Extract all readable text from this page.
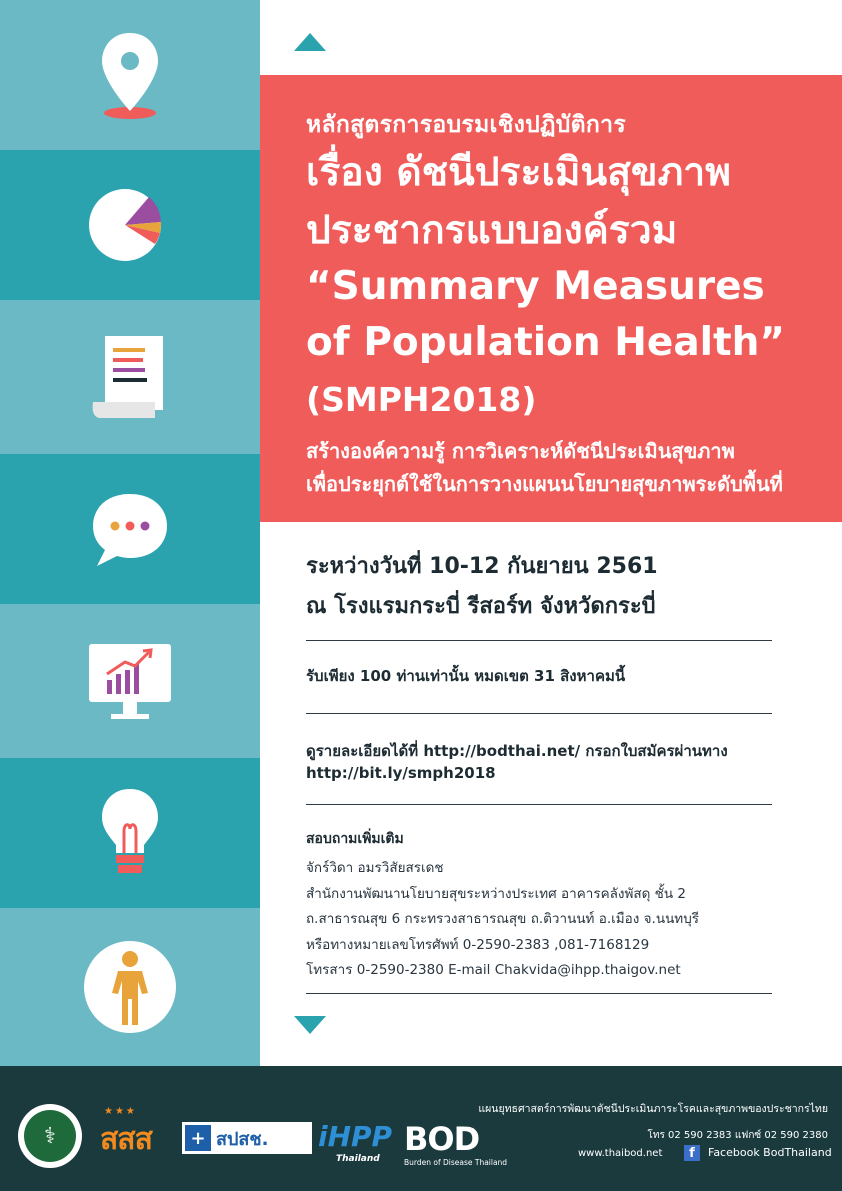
หลักสูตรการอบรมเชิงปฏิบัติการ
เรื่อง ดัชนีประเมินสุขภาพ
ประชากรแบบองค์รวม
“Summary Measures
of Population Health”
(SMPH2018)
สร้างองค์ความรู้ การวิเคราะห์ดัชนีประเมินสุขภาพ
เพื่อประยุกต์ใช้ในการวางแผนนโยบายสุขภาพระดับพื้นที่
ระหว่างวันที่ 10-12 กันยายน 2561
ณ โรงแรมกระบี่ รีสอร์ท จังหวัดกระบี่
รับเพียง 100 ท่านเท่านั้น หมดเขต 31 สิงหาคมนี้
ดูรายละเอียดได้ที่ http://bodthai.net/ กรอกใบสมัครผ่านทาง
http://bit.ly/smph2018
สอบถามเพิ่มเติม
จักร์วิดา อมรวิสัยสรเดช
สำนักงานพัฒนานโยบายสุขระหว่างประเทศ อาคารคลังพัสดุ ชั้น 2
ถ.สาธารณสุข 6 กระทรวงสาธารณสุข ถ.ติวานนท์ อ.เมือง จ.นนทบุรี
หรือทางหมายเลขโทรศัพท์ 0-2590-2383 ,081-7168129
โทรสาร 0-2590-2380 E-mail Chakvida@ihpp.thaigov.net
⚕
★★★
สสส	+ สปสช. iHPP
Thailand
BOD
Burden of Disease Thailand
แผนยุทธศาสตร์การพัฒนาดัชนีประเมินภาระโรคและสุขภาพของประชากรไทย
โทร 02 590 2383 แฟกซ์ 02 590 2380
www.thaibod.net	f	Facebook BodThailand
